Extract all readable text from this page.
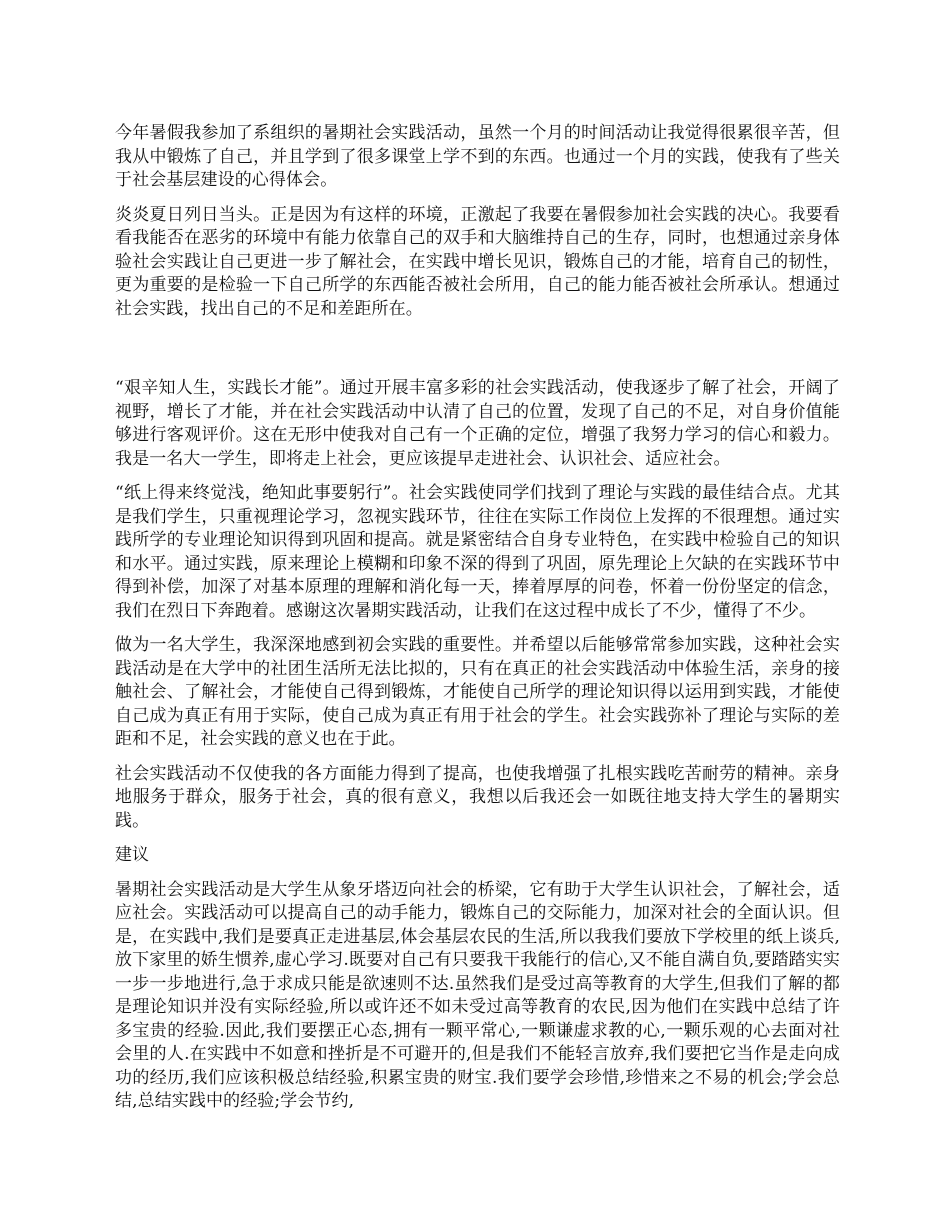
今年暑假我参加了系组织的暑期社会实践活动，虽然一个月的时间活动让我觉得很累很辛苦，但我从中锻炼了自己，并且学到了很多课堂上学不到的东西。也通过一个月的实践，使我有了些关于社会基层建设的心得体会。

炎炎夏日列日当头。正是因为有这样的环境，正激起了我要在暑假参加社会实践的决心。我要看看我能否在恶劣的环境中有能力依靠自己的双手和大脑维持自己的生存，同时，也想通过亲身体验社会实践让自己更进一步了解社会，在实践中增长见识，锻炼自己的才能，培育自己的韧性，更为重要的是检验一下自己所学的东西能否被社会所用，自己的能力能否被社会所承认。想通过社会实践，找出自己的不足和差距所在。

“艰辛知人生，实践长才能”。通过开展丰富多彩的社会实践活动，使我逐步了解了社会，开阔了视野，增长了才能，并在社会实践活动中认清了自己的位置，发现了自己的不足，对自身价值能够进行客观评价。这在无形中使我对自己有一个正确的定位，增强了我努力学习的信心和毅力。我是一名大一学生，即将走上社会，更应该提早走进社会、认识社会、适应社会。

“纸上得来终觉浅，绝知此事要躬行”。社会实践使同学们找到了理论与实践的最佳结合点。尤其是我们学生，只重视理论学习，忽视实践环节，往往在实际工作岗位上发挥的不很理想。通过实践所学的专业理论知识得到巩固和提高。就是紧密结合自身专业特色，在实践中检验自己的知识和水平。通过实践，原来理论上模糊和印象不深的得到了巩固，原先理论上欠缺的在实践环节中得到补偿，加深了对基本原理的理解和消化每一天，捧着厚厚的问卷，怀着一份份坚定的信念，我们在烈日下奔跑着。感谢这次暑期实践活动，让我们在这过程中成长了不少，懂得了不少。

做为一名大学生，我深深地感到初会实践的重要性。并希望以后能够常常参加实践，这种社会实践活动是在大学中的社团生活所无法比拟的，只有在真正的社会实践活动中体验生活，亲身的接触社会、了解社会，才能使自己得到锻炼，才能使自己所学的理论知识得以运用到实践，才能使自己成为真正有用于实际，使自己成为真正有用于社会的学生。社会实践弥补了理论与实际的差距和不足，社会实践的意义也在于此。

社会实践活动不仅使我的各方面能力得到了提高，也使我增强了扎根实践吃苦耐劳的精神。亲身地服务于群众，服务于社会，真的很有意义，我想以后我还会一如既往地支持大学生的暑期实践。

建议

暑期社会实践活动是大学生从象牙塔迈向社会的桥梁，它有助于大学生认识社会，了解社会，适应社会。实践活动可以提高自己的动手能力，锻炼自己的交际能力，加深对社会的全面认识。但是，在实践中,我们是要真正走进基层,体会基层农民的生活,所以我我们要放下学校里的纸上谈兵,放下家里的娇生惯养,虚心学习.既要对自己有只要我干我能行的信心,又不能自满自负,要踏踏实实一步一步地进行,急于求成只能是欲速则不达.虽然我们是受过高等教育的大学生,但我们了解的都是理论知识并没有实际经验,所以或许还不如未受过高等教育的农民,因为他们在实践中总结了许多宝贵的经验.因此,我们要摆正心态,拥有一颗平常心,一颗谦虚求教的心,一颗乐观的心去面对社会里的人.在实践中不如意和挫折是不可避开的,但是我们不能轻言放弃,我们要把它当作是走向成功的经历,我们应该积极总结经验,积累宝贵的财宝.我们要学会珍惜,珍惜来之不易的机会;学会总结,总结实践中的经验;学会节约,
